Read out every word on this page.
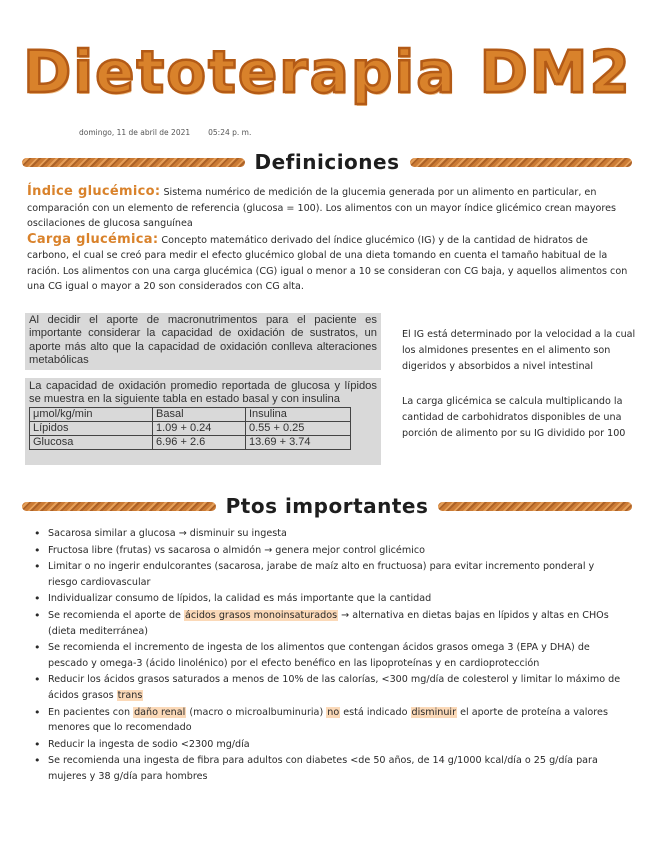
Dietoterapia DM2
domingo, 11 de abril de 2021 05:24 p. m.
Definiciones

Índice glucémico: Sistema numérico de medición de la glucemia generada por un alimento en particular, en comparación con un elemento de referencia (glucosa = 100). Los alimentos con un mayor índice glicémico crean mayores oscilaciones de glucosa sanguínea

Carga glucémica: Concepto matemático derivado del índice glucémico (IG) y de la cantidad de hidratos de carbono, el cual se creó para medir el efecto glucémico global de una dieta tomando en cuenta el tamaño habitual de la ración. Los alimentos con una carga glucémica (CG) igual o menor a 10 se consideran con CG baja, y aquellos alimentos con una CG igual o mayor a 20 son considerados con CG alta.

Al decidir el aporte de macronutrimentos para el paciente es importante considerar la capacidad de oxidación de sustratos, un aporte más alto que la capacidad de oxidación conlleva alteraciones metabólicas

La capacidad de oxidación promedio reportada de glucosa y lípidos se muestra en la siguiente tabla en estado basal y con insulina

μmol/kg/min	Basal	Insulina
Lípidos	1.09 + 0.24	0.55 + 0.25
Glucosa	6.96 + 2.6	13.69 + 3.74

El IG está determinado por la velocidad a la cual los almidones presentes en el alimento son digeridos y absorbidos a nivel intestinal

La carga glicémica se calcula multiplicando la cantidad de carbohidratos disponibles de una porción de alimento por su IG dividido por 100

Ptos importantes
• Sacarosa similar a glucosa → disminuir su ingesta
• Fructosa libre (frutas) vs sacarosa o almidón → genera mejor control glicémico
• Limitar o no ingerir endulcorantes (sacarosa, jarabe de maíz alto en fructuosa) para evitar incremento ponderal y riesgo cardiovascular
• Individualizar consumo de lípidos, la calidad es más importante que la cantidad
• Se recomienda el aporte de ácidos grasos monoinsaturados → alternativa en dietas bajas en lípidos y altas en CHOs (dieta mediterránea)
• Se recomienda el incremento de ingesta de los alimentos que contengan ácidos grasos omega 3 (EPA y DHA) de pescado y omega-3 (ácido linolénico) por el efecto benéfico en las lipoproteínas y en cardioprotección
• Reducir los ácidos grasos saturados a menos de 10% de las calorías, <300 mg/día de colesterol y limitar lo máximo de ácidos grasos trans
• En pacientes con daño renal (macro o microalbuminuria) no está indicado disminuir el aporte de proteína a valores menores que lo recomendado
• Reducir la ingesta de sodio <2300 mg/día
• Se recomienda una ingesta de fibra para adultos con diabetes <de 50 años, de 14 g/1000 kcal/día o 25 g/día para mujeres y 38 g/día para hombres
